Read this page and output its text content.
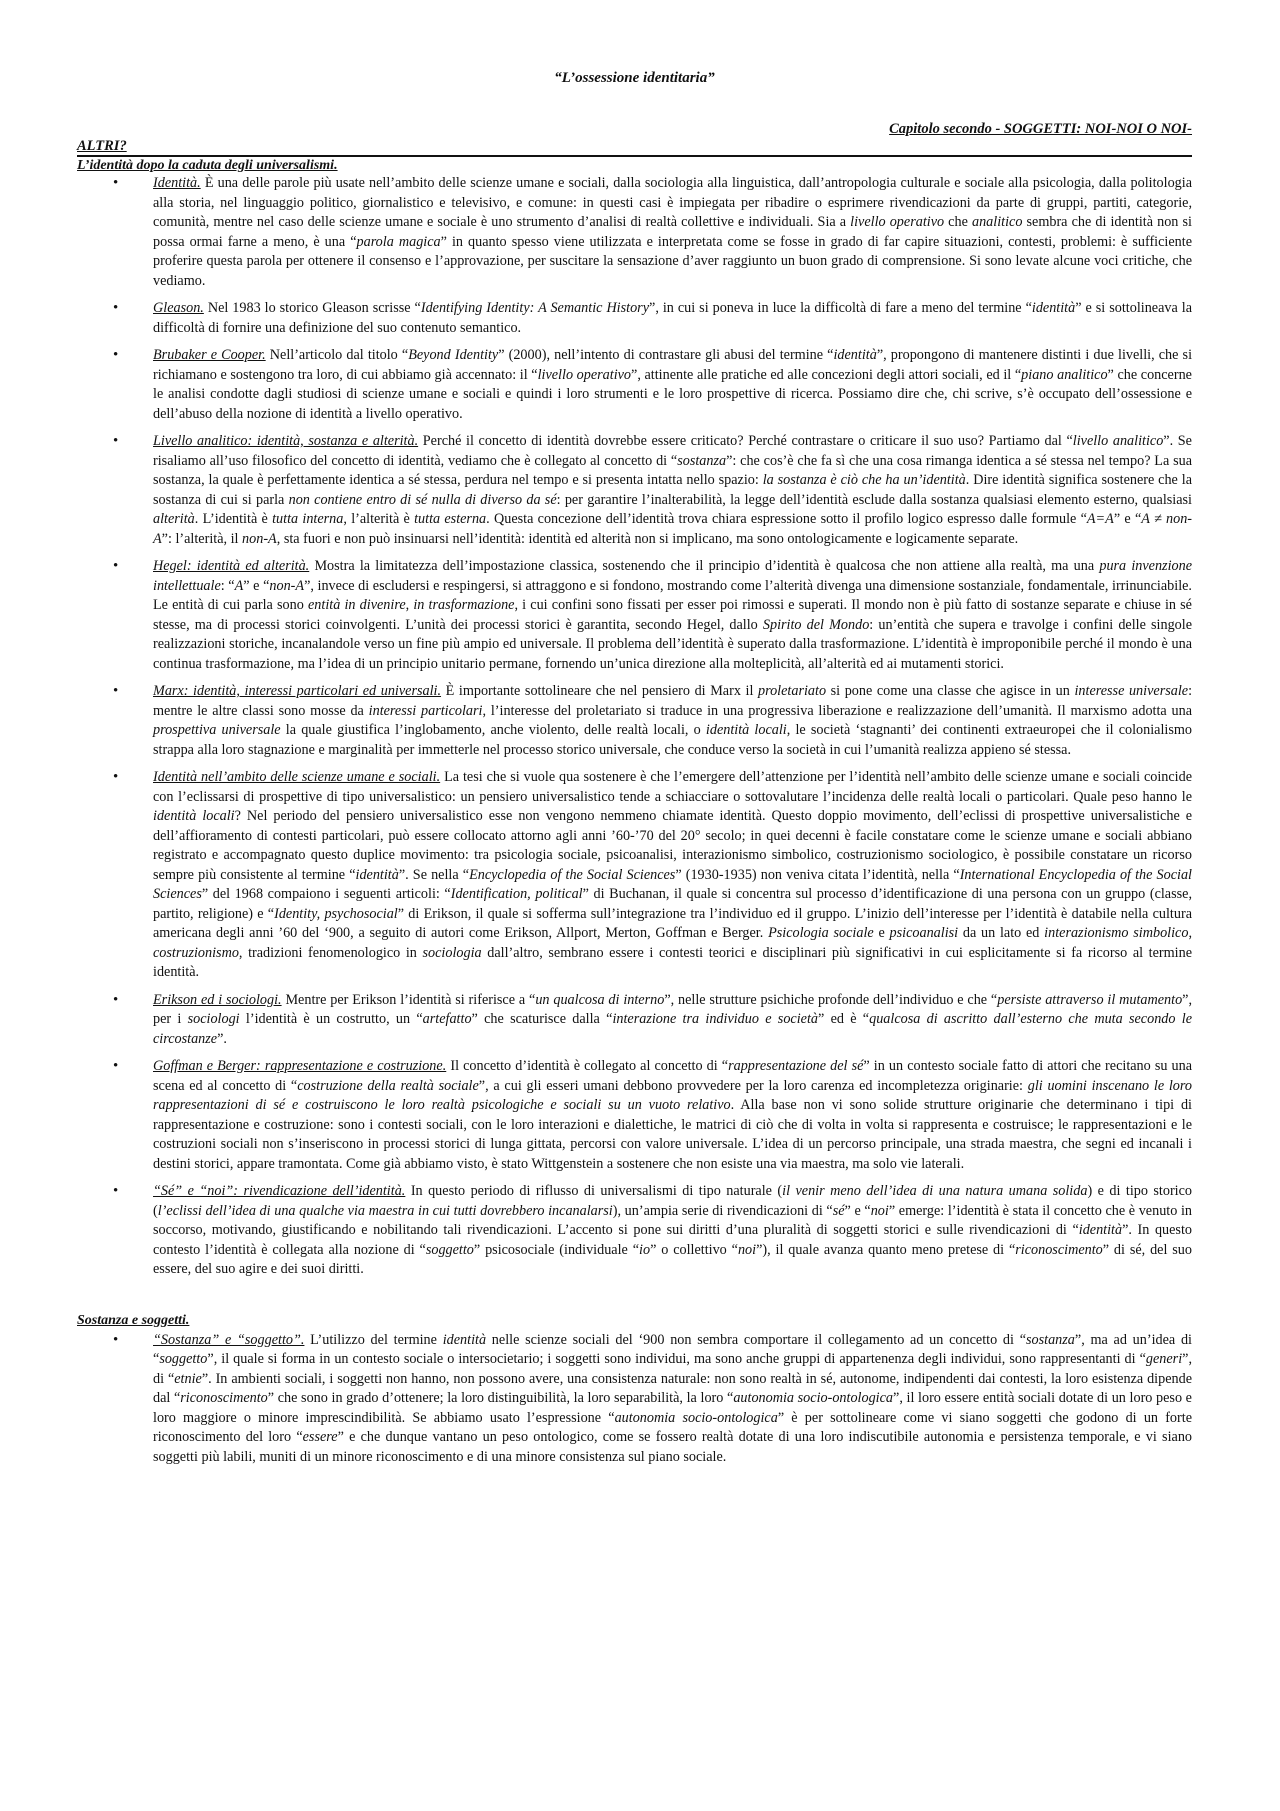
“L’ossessione identitaria”
Capitolo secondo - SOGGETTI: NOI-NOI O NOI-
ALTRI?
L’identità dopo la caduta degli universalismi.
• Identità. È una delle parole più usate nell’ambito delle scienze umane e sociali, dalla sociologia alla linguistica, dall’antropologia culturale e sociale alla psicologia, dalla politologia alla storia, nel linguaggio politico, giornalistico e televisivo, e comune: in questi casi è impiegata per ribadire o esprimere rivendicazioni da parte di gruppi, partiti, categorie, comunità, mentre nel caso delle scienze umane e sociale è uno strumento d’analisi di realtà collettive e individuali. Sia a livello operativo che analitico sembra che di identità non si possa ormai farne a meno, è una “parola magica” in quanto spesso viene utilizzata e interpretata come se fosse in grado di far capire situazioni, contesti, problemi: è sufficiente proferire questa parola per ottenere il consenso e l’approvazione, per suscitare la sensazione d’aver raggiunto un buon grado di comprensione. Si sono levate alcune voci critiche, che vediamo.
• Gleason. Nel 1983 lo storico Gleason scrisse “Identifying Identity: A Semantic History”, in cui si poneva in luce la difficoltà di fare a meno del termine “identità” e si sottolineava la difficoltà di fornire una definizione del suo contenuto semantico.
• Brubaker e Cooper. Nell’articolo dal titolo “Beyond Identity” (2000), nell’intento di contrastare gli abusi del termine “identità”, propongono di mantenere distinti i due livelli, che si richiamano e sostengono tra loro, di cui abbiamo già accennato: il “livello operativo”, attinente alle pratiche ed alle concezioni degli attori sociali, ed il “piano analitico” che concerne le analisi condotte dagli studiosi di scienze umane e sociali e quindi i loro strumenti e le loro prospettive di ricerca. Possiamo dire che, chi scrive, s’è occupato dell’ossessione e dell’abuso della nozione di identità a livello operativo.
• Livello analitico: identità, sostanza e alterità. Perché il concetto di identità dovrebbe essere criticato? Perché contrastare o criticare il suo uso? Partiamo dal “livello analitico”. Se risaliamo all’uso filosofico del concetto di identità, vediamo che è collegato al concetto di “sostanza”: che cos’è che fa sì che una cosa rimanga identica a sé stessa nel tempo? La sua sostanza, la quale è perfettamente identica a sé stessa, perdura nel tempo e si presenta intatta nello spazio: la sostanza è ciò che ha un’identità. Dire identità significa sostenere che la sostanza di cui si parla non contiene entro di sé nulla di diverso da sé: per garantire l’inalterabilità, la legge dell’identità esclude dalla sostanza qualsiasi elemento esterno, qualsiasi alterità. L’identità è tutta interna, l’alterità è tutta esterna. Questa concezione dell’identità trova chiara espressione sotto il profilo logico espresso dalle formule “A=A” e “A ≠ non-A”: l’alterità, il non-A, sta fuori e non può insinuarsi nell’identità: identità ed alterità non si implicano, ma sono ontologicamente e logicamente separate.
• Hegel: identità ed alterità. Mostra la limitatezza dell’impostazione classica, sostenendo che il principio d’identità è qualcosa che non attiene alla realtà, ma una pura invenzione intellettuale: “A” e “non-A”, invece di escludersi e respingersi, si attraggono e si fondono, mostrando come l’alterità divenga una dimensione sostanziale, fondamentale, irrinunciabile. Le entità di cui parla sono entità in divenire, in trasformazione, i cui confini sono fissati per esser poi rimossi e superati. Il mondo non è più fatto di sostanze separate e chiuse in sé stesse, ma di processi storici coinvolgenti. L’unità dei processi storici è garantita, secondo Hegel, dallo Spirito del Mondo: un’entità che supera e travolge i confini delle singole realizzazioni storiche, incanalandole verso un fine più ampio ed universale. Il problema dell’identità è superato dalla trasformazione. L’identità è improponibile perché il mondo è una continua trasformazione, ma l’idea di un principio unitario permane, fornendo un’unica direzione alla molteplicità, all’alterità ed ai mutamenti storici.
• Marx: identità, interessi particolari ed universali. È importante sottolineare che nel pensiero di Marx il proletariato si pone come una classe che agisce in un interesse universale: mentre le altre classi sono mosse da interessi particolari, l’interesse del proletariato si traduce in una progressiva liberazione e realizzazione dell’umanità. Il marxismo adotta una prospettiva universale la quale giustifica l’inglobamento, anche violento, delle realtà locali, o identità locali, le società ‘stagnanti’ dei continenti extraeuropei che il colonialismo strappa alla loro stagnazione e marginalità per immetterle nel processo storico universale, che conduce verso la società in cui l’umanità realizza appieno sé stessa.
• Identità nell’ambito delle scienze umane e sociali. La tesi che si vuole qua sostenere è che l’emergere dell’attenzione per l’identità nell’ambito delle scienze umane e sociali coincide con l’eclissarsi di prospettive di tipo universalistico: un pensiero universalistico tende a schiacciare o sottovalutare l’incidenza delle realtà locali o particolari. Quale peso hanno le identità locali? Nel periodo del pensiero universalistico esse non vengono nemmeno chiamate identità. Questo doppio movimento, dell’eclissi di prospettive universalistiche e dell’affioramento di contesti particolari, può essere collocato attorno agli anni ’60-’70 del 20° secolo; in quei decenni è facile constatare come le scienze umane e sociali abbiano registrato e accompagnato questo duplice movimento: tra psicologia sociale, psicoanalisi, interazionismo simbolico, costruzionismo sociologico, è possibile constatare un ricorso sempre più consistente al termine “identità”. Se nella “Encyclopedia of the Social Sciences” (1930-1935) non veniva citata l’identità, nella “International Encyclopedia of the Social Sciences” del 1968 compaiono i seguenti articoli: “Identification, political” di Buchanan, il quale si concentra sul processo d’identificazione di una persona con un gruppo (classe, partito, religione) e “Identity, psychosocial” di Erikson, il quale si sofferma sull’integrazione tra l’individuo ed il gruppo. L’inizio dell’interesse per l’identità è databile nella cultura americana degli anni ’60 del ‘900, a seguito di autori come Erikson, Allport, Merton, Goffman e Berger. Psicologia sociale e psicoanalisi da un lato ed interazionismo simbolico, costruzionismo, tradizioni fenomenologico in sociologia dall’altro, sembrano essere i contesti teorici e disciplinari più significativi in cui esplicitamente si fa ricorso al termine identità.
• Erikson ed i sociologi. Mentre per Erikson l’identità si riferisce a “un qualcosa di interno”, nelle strutture psichiche profonde dell’individuo e che “persiste attraverso il mutamento”, per i sociologi l’identità è un costrutto, un “artefatto” che scaturisce dalla “interazione tra individuo e società” ed è “qualcosa di ascritto dall’esterno che muta secondo le circostanze”.
• Goffman e Berger: rappresentazione e costruzione. Il concetto d’identità è collegato al concetto di “rappresentazione del sé” in un contesto sociale fatto di attori che recitano su una scena ed al concetto di “costruzione della realtà sociale”, a cui gli esseri umani debbono provvedere per la loro carenza ed incompletezza originarie: gli uomini inscenano le loro rappresentazioni di sé e costruiscono le loro realtà psicologiche e sociali su un vuoto relativo. Alla base non vi sono solide strutture originarie che determinano i tipi di rappresentazione e costruzione: sono i contesti sociali, con le loro interazioni e dialettiche, le matrici di ciò che di volta in volta si rappresenta e costruisce; le rappresentazioni e le costruzioni sociali non s’inseriscono in processi storici di lunga gittata, percorsi con valore universale. L’idea di un percorso principale, una strada maestra, che segni ed incanali i destini storici, appare tramontata. Come già abbiamo visto, è stato Wittgenstein a sostenere che non esiste una via maestra, ma solo vie laterali.
• “Sé” e “noi”: rivendicazione dell’identità. In questo periodo di riflusso di universalismi di tipo naturale (il venir meno dell’idea di una natura umana solida) e di tipo storico (l’eclissi dell’idea di una qualche via maestra in cui tutti dovrebbero incanalarsi), un’ampia serie di rivendicazioni di “sé” e “noi” emerge: l’identità è stata il concetto che è venuto in soccorso, motivando, giustificando e nobilitando tali rivendicazioni. L’accento si pone sui diritti d’una pluralità di soggetti storici e sulle rivendicazioni di “identità”. In questo contesto l’identità è collegata alla nozione di “soggetto” psicosociale (individuale “io” o collettivo “noi”), il quale avanza quanto meno pretese di “riconoscimento” di sé, del suo essere, del suo agire e dei suoi diritti.
Sostanza e soggetti.
• “Sostanza” e “soggetto”. L’utilizzo del termine identità nelle scienze sociali del ‘900 non sembra comportare il collegamento ad un concetto di “sostanza”, ma ad un’idea di “soggetto”, il quale si forma in un contesto sociale o intersocietario; i soggetti sono individui, ma sono anche gruppi di appartenenza degli individui, sono rappresentanti di “generi”, di “etnie”. In ambienti sociali, i soggetti non hanno, non possono avere, una consistenza naturale: non sono realtà in sé, autonome, indipendenti dai contesti, la loro esistenza dipende dal “riconoscimento” che sono in grado d’ottenere; la loro distinguibilità, la loro separabilità, la loro “autonomia socio-ontologica”, il loro essere entità sociali dotate di un loro peso e loro maggiore o minore imprescindibilità. Se abbiamo usato l’espressione “autonomia socio-ontologica” è per sottolineare come vi siano soggetti che godono di un forte riconoscimento del loro “essere” e che dunque vantano un peso ontologico, come se fossero realtà dotate di una loro indiscutibile autonomia e persistenza temporale, e vi siano soggetti più labili, muniti di un minore riconoscimento e di una minore consistenza sul piano sociale.
